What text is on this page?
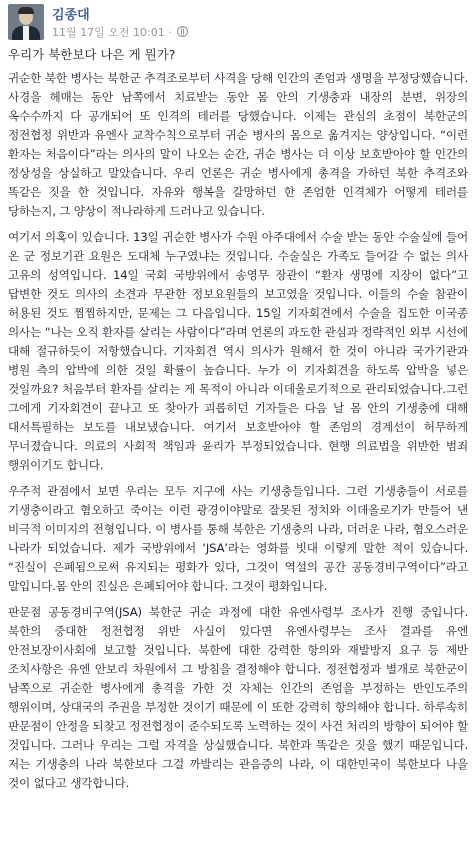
김종대
11월 17일 오전 10:01 ·
우리가 북한보다 나은 게 뭔가?

귀순한 북한 병사는 북한군 추격조로부터 사격을 당해 인간의 존엄과 생명을 부정당했습니다. 사경을 헤매는 동안 남쪽에서 치료받는 동안 몸 안의 기생충과 내장의 분변, 위장의 옥수수까지 다 공개되어 또 인격의 테러를 당했습니다. 이제는 관심의 초점이 북한군의 정전협정 위반과 유엔사 교착수칙으로부터 귀순 병사의 몸으로 옮겨지는 양상입니다. “이런 환자는 처음이다”라는 의사의 말이 나오는 순간, 귀순 병사는 더 이상 보호받아야 할 인간의 정상성을 상실하고 말았습니다. 우리 언론은 귀순 병사에게 총격을 가하던 북한 추격조와 똑같은 짓을 한 것입니다. 자유와 행복을 갈망하던 한 존엄한 인격체가 어떻게 테러를 당하는지, 그 양상이 적나라하게 드러나고 있습니다.

여기서 의혹이 있습니다. 13일 귀순한 병사가 수원 아주대에서 수술 받는 동안 수술실에 들어 온 군 정보기관 요원은 도대체 누구였냐는 것입니다. 수술실은 가족도 들어갈 수 없는 의사 고유의 성역입니다. 14일 국회 국방위에서 송영무 장관이 “환자 생명에 지장이 없다”고 답변한 것도 의사의 소견과 무관한 정보요원들의 보고였을 것입니다. 이들의 수술 참관이 허용된 것도 찜찜하지만, 문제는 그 다음입니다. 15일 기자회견에서 수술을 집도한 이국종 의사는 “나는 오직 환자를 살리는 사람이다”라며 언론의 과도한 관심과 정략적인 외부 시선에 대해 절규하듯이 저항했습니다. 기자회견 역시 의사가 원해서 한 것이 아니라 국가기관과 병원 측의 압박에 의한 것일 확률이 높습니다. 누가 이 기자회견을 하도록 압박을 넣은 것일까요? 처음부터 환자를 살리는 게 목적이 아니라 이데올로기적으로 관리되었습니다.그런 그에게 기자회견이 끝나고 또 찾아가 괴롭히던 기자들은 다음 날 몸 안의 기생충에 대해 대서특필하는 보도를 내보냈습니다. 여기서 보호받아야 할 존엄의 경계선이 허무하게 무너졌습니다. 의료의 사회적 책임과 윤리가 부정되었습니다. 현행 의료법을 위반한 범죄 행위이기도 합니다.

우주적 관점에서 보면 우리는 모두 지구에 사는 기생충들입니다. 그런 기생충들이 서로를 기생충이라고 혐오하고 죽이는 이런 광경이야말로 잘못된 정치와 이데올로기가 만들어 낸 비극적 이미지의 전형입니다. 이 병사를 통해 북한은 기생충의 나라, 더러운 나라, 혐오스러운 나라가 되었습니다. 제가 국방위에서 ‘JSA’라는 영화를 빗대 이렇게 말한 적이 있습니다. “진실이 은폐됨으로써 유지되는 평화가 있다, 그것이 역설의 공간 공동경비구역이다”라고 말입니다.몸 안의 진실은 은폐되어야 합니다. 그것이 평화입니다.

판문점 공동경비구역(JSA) 북한군 귀순 과정에 대한 유엔사령부 조사가 진행 중입니다. 북한의 중대한 정전협정 위반 사실이 있다면 유엔사령부는 조사 결과를 유엔 안전보장이사회에 보고할 것입니다. 북한에 대한 강력한 항의와 재발방지 요구 등 제반 조치사항은 유엔 안보리 차원에서 그 방침을 결정해야 합니다. 정전협정과 별개로 북한군이 남쪽으로 귀순한 병사에게 총격을 가한 것 자체는 인간의 존엄을 부정하는 반인도주의 행위이며, 상대국의 주권을 부정한 것이기 때문에 이 또한 강력히 항의해야 합니다. 하루속히 판문점이 안정을 되찾고 정전협정이 준수되도록 노력하는 것이 사건 처리의 방향이 되어야 할 것입니다. 그러나 우리는 그럴 자격을 상실했습니다. 북한과 똑같은 짓을 했기 때문입니다. 저는 기생충의 나라 북한보다 그걸 까발리는 관음증의 나라, 이 대한민국이 북한보다 나을 것이 없다고 생각합니다.
